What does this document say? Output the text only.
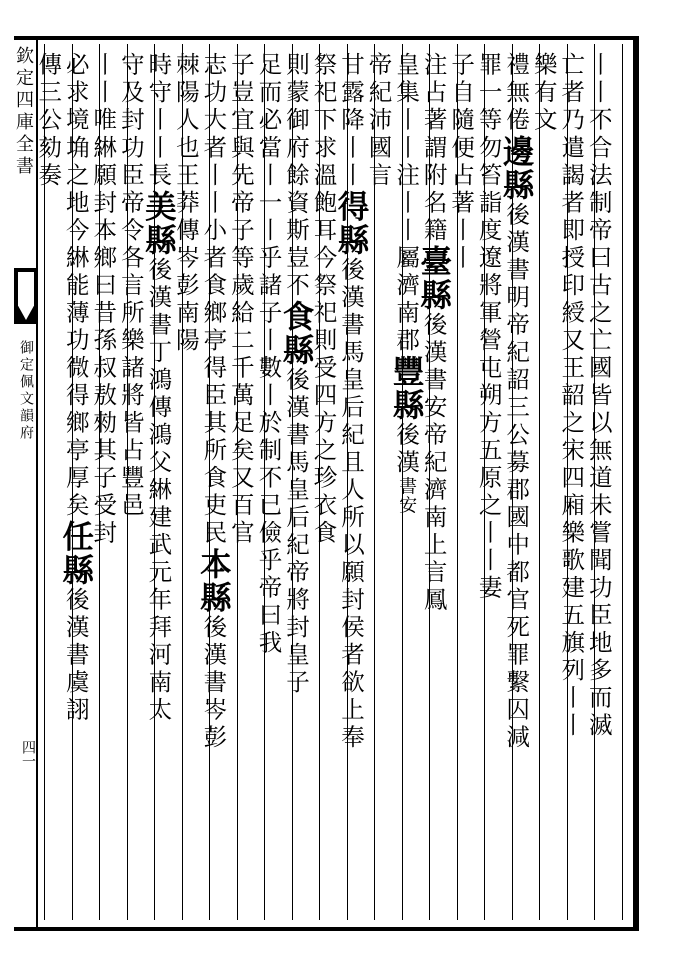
欽定四庫全書
御定佩文韻府
四一
丨丨不合法制帝曰古之亡國皆以無道未嘗聞功臣地多而滅
亡者乃遣謁者即授印綬又王韶之宋四廂樂歌建五旗列丨丨
樂有文
禮無倦邊縣後漢書明帝紀詔三公募郡國中都官死罪繫囚減
罪一等勿笞詣度遼將軍營屯朔方五原之丨丨妻
子自隨便占著丨丨
注占著謂附名籍臺縣後漢書安帝紀濟南上言鳳
皇集丨丨注丨丨屬濟南郡豐縣後漢書安
帝紀沛國言
甘露降丨丨得縣後漢書馬皇后紀且人所以願封侯者欲上奉
祭祀下求溫飽耳今祭祀則受四方之珍衣食
則蒙御府餘資斯豈不食縣後漢書馬皇后紀帝將封皇子
足而必當丨一丨乎諸子丨數丨於制不已儉乎帝曰我
子豈宜與先帝子等歲給二千萬足矣又百官
志功大者丨丨小者食鄉亭得臣其所食吏民本縣後漢書岑彭
棘陽人也王莽傳岑彭南陽
時守丨丨長美縣後漢書丁鴻傳鴻父綝建武元年拜河南太
守及封功臣帝令各言所樂諸將皆占豐邑
丨丨唯綝願封本鄉曰昔孫叔敖勑其子受封
必求境埆之地今綝能薄功微得鄉亭厚矣任縣後漢書虞詡
傳三公劾奏
